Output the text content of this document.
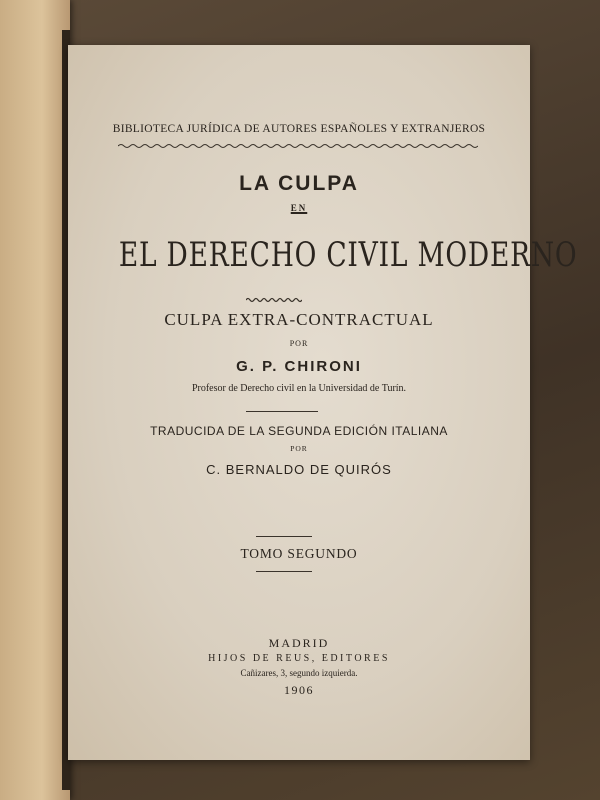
BIBLIOTECA JURÍDICA DE AUTORES ESPAÑOLES Y EXTRANJEROS
LA CULPA
EN
EL DERECHO CIVIL MODERNO
CULPA EXTRA-CONTRACTUAL
POR
G. P. CHIRONI
Profesor de Derecho civil en la Universidad de Turín.
TRADUCIDA DE LA SEGUNDA EDICIÓN ITALIANA
POR
C. BERNALDO DE QUIRÓS
TOMO SEGUNDO
MADRID
HIJOS DE REUS, EDITORES
Cañizares, 3, segundo izquierda.
1906
